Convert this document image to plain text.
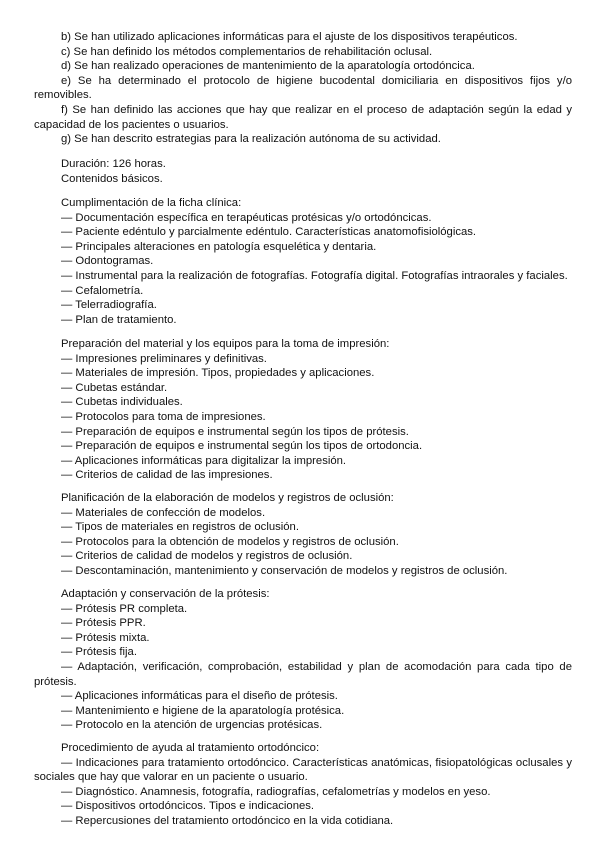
b) Se han utilizado aplicaciones informáticas para el ajuste de los dispositivos terapéuticos.

c) Se han definido los métodos complementarios de rehabilitación oclusal.

d) Se han realizado operaciones de mantenimiento de la aparatología ortodóncica.

e) Se ha determinado el protocolo de higiene bucodental domiciliaria en dispositivos fijos y/o removibles.

f) Se han definido las acciones que hay que realizar en el proceso de adaptación según la edad y capacidad de los pacientes o usuarios.

g) Se han descrito estrategias para la realización autónoma de su actividad.

Duración: 126 horas.

Contenidos básicos.

Cumplimentación de la ficha clínica:

— Documentación específica en terapéuticas protésicas y/o ortodóncicas.
— Paciente edéntulo y parcialmente edéntulo. Características anatomofisiológicas.
— Principales alteraciones en patología esquelética y dentaria.
— Odontogramas.
— Instrumental para la realización de fotografías. Fotografía digital. Fotografías intraorales y faciales.
— Cefalometría.
— Telerradiografía.
— Plan de tratamiento.

Preparación del material y los equipos para la toma de impresión:

— Impresiones preliminares y definitivas.
— Materiales de impresión. Tipos, propiedades y aplicaciones.
— Cubetas estándar.
— Cubetas individuales.
— Protocolos para toma de impresiones.
— Preparación de equipos e instrumental según los tipos de prótesis.
— Preparación de equipos e instrumental según los tipos de ortodoncia.
— Aplicaciones informáticas para digitalizar la impresión.
— Criterios de calidad de las impresiones.

Planificación de la elaboración de modelos y registros de oclusión:

— Materiales de confección de modelos.
— Tipos de materiales en registros de oclusión.
— Protocolos para la obtención de modelos y registros de oclusión.
— Criterios de calidad de modelos y registros de oclusión.
— Descontaminación, mantenimiento y conservación de modelos y registros de oclusión.

Adaptación y conservación de la prótesis:

— Prótesis PR completa.
— Prótesis PPR.
— Prótesis mixta.
— Prótesis fija.

— Adaptación, verificación, comprobación, estabilidad y plan de acomodación para cada tipo de prótesis.

— Aplicaciones informáticas para el diseño de prótesis.
— Mantenimiento e higiene de la aparatología protésica.
— Protocolo en la atención de urgencias protésicas.

Procedimiento de ayuda al tratamiento ortodóncico:

— Indicaciones para tratamiento ortodóncico. Características anatómicas, fisiopatológicas oclusales y sociales que hay que valorar en un paciente o usuario.

— Diagnóstico. Anamnesis, fotografía, radiografías, cefalometrías y modelos en yeso.
— Dispositivos ortodóncicos. Tipos e indicaciones.
— Repercusiones del tratamiento ortodóncico en la vida cotidiana.
